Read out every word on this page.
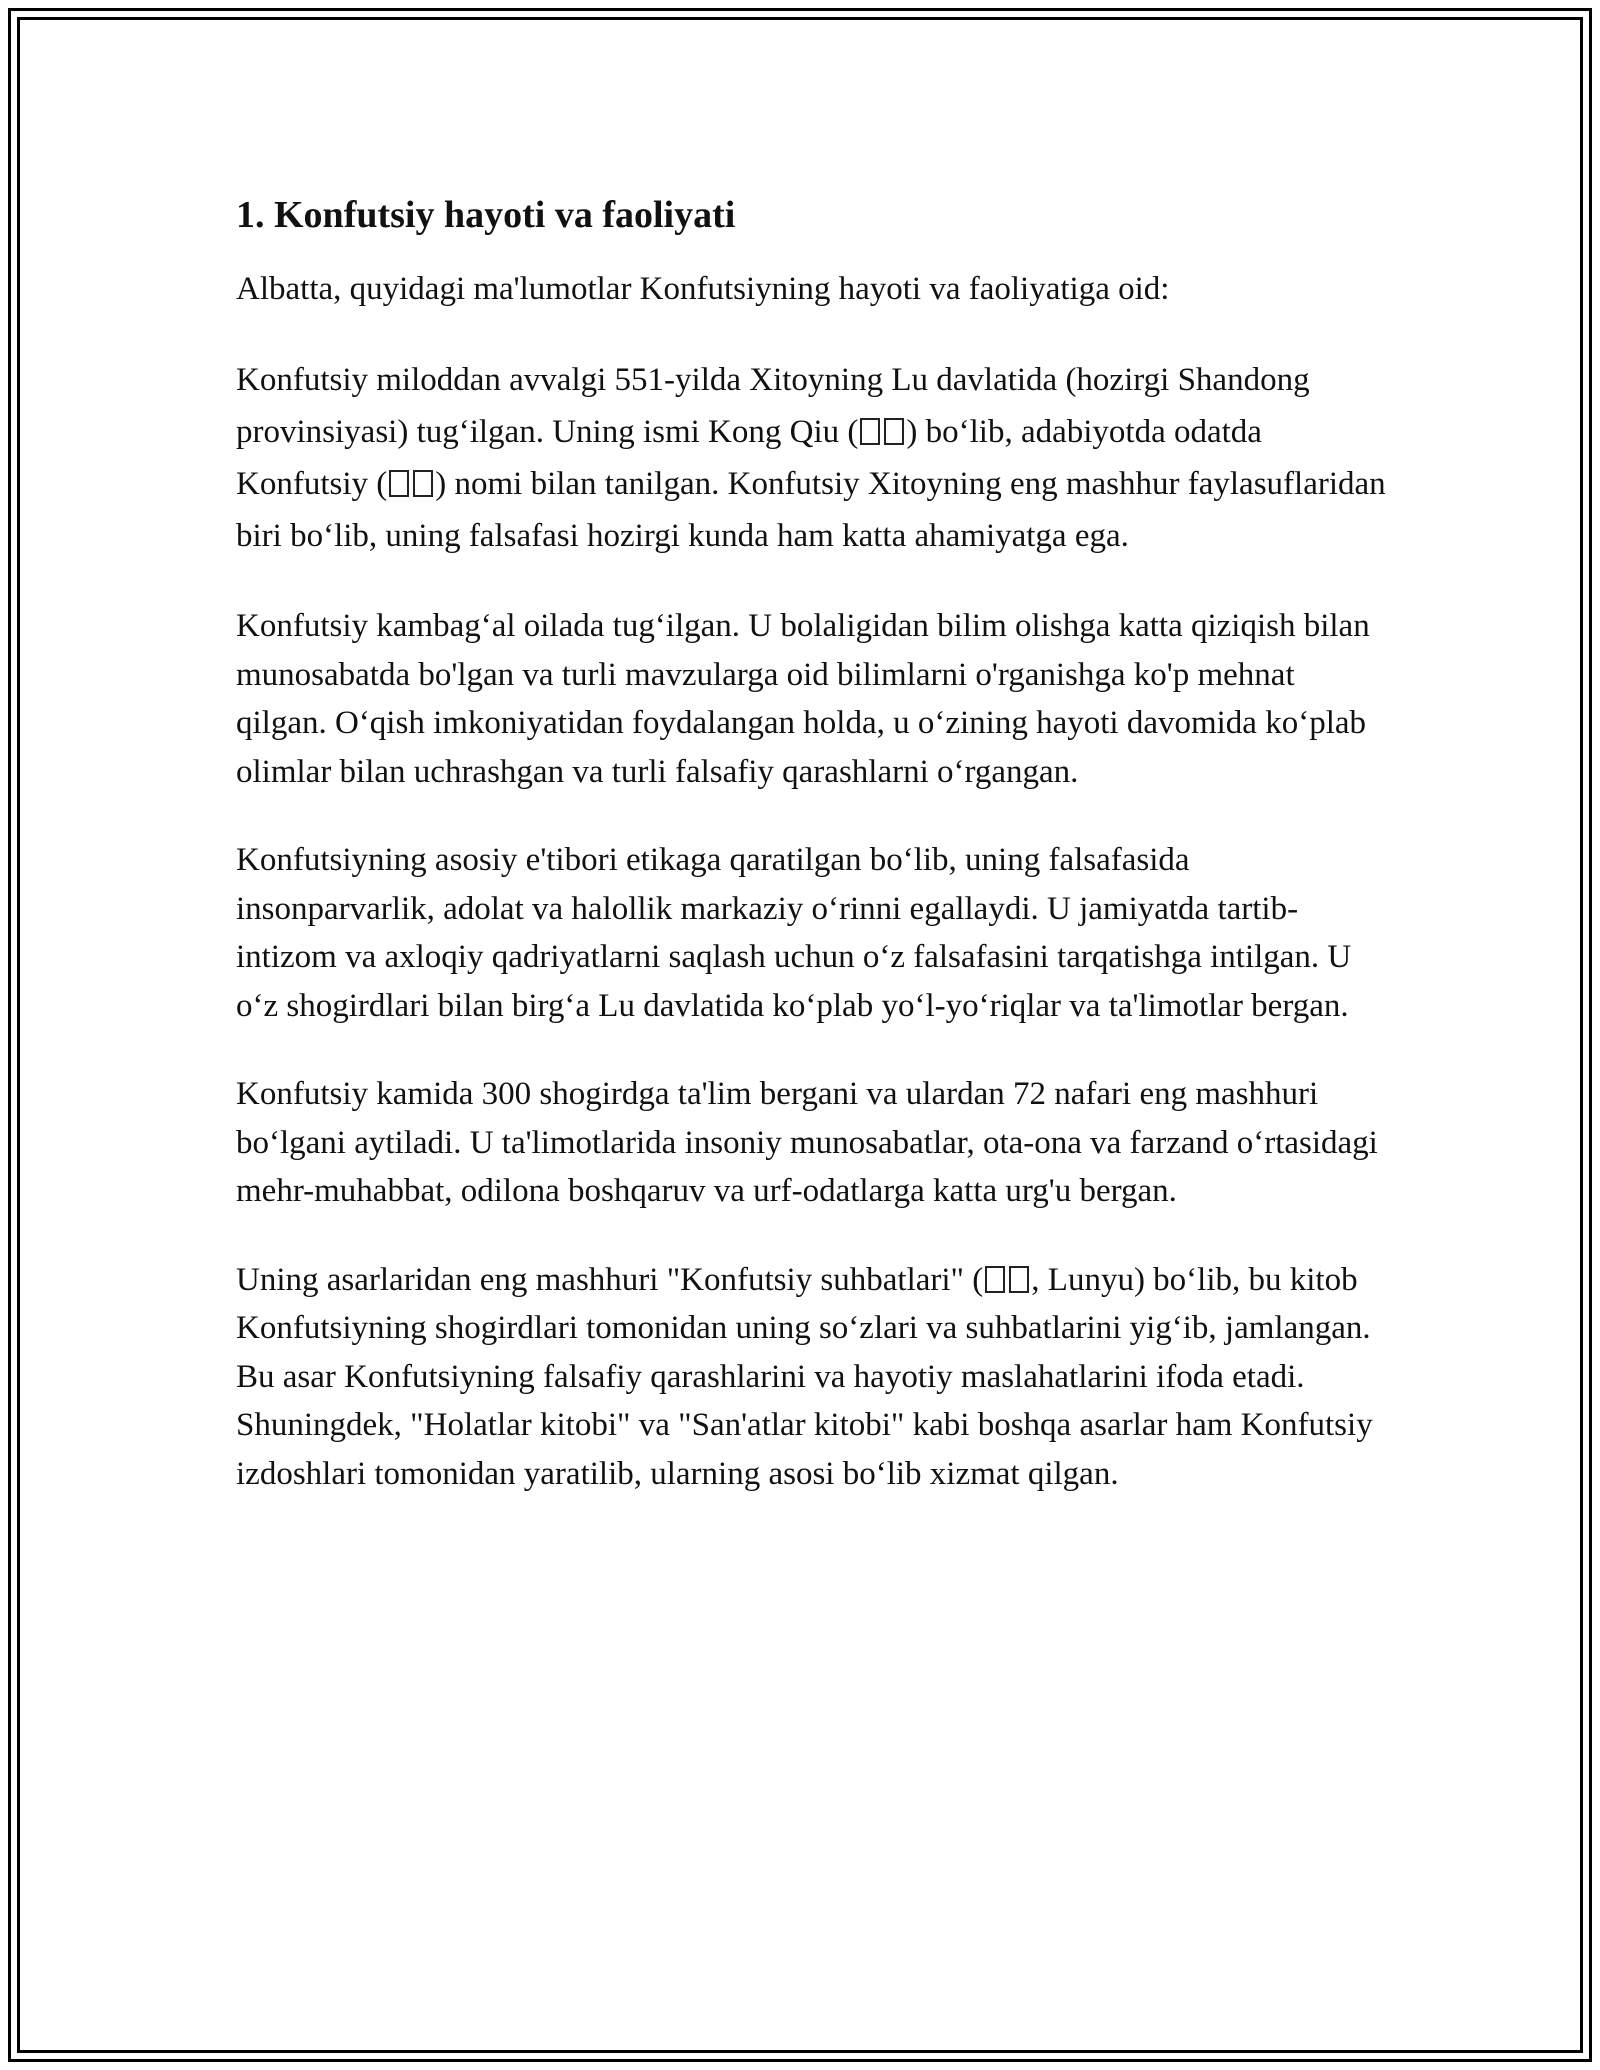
1. Konfutsiy hayoti va faoliyati

Albatta, quyidagi ma'lumotlar Konfutsiyning hayoti va faoliyatiga oid:

Konfutsiy miloddan avvalgi 551-yilda Xitoyning Lu davlatida (hozirgi Shandong provinsiyasi) tug‘ilgan. Uning ismi Kong Qiu ( ) bo‘lib, adabiyotda odatda Konfutsiy ( ) nomi bilan tanilgan. Konfutsiy Xitoyning eng mashhur faylasuflaridan biri bo‘lib, uning falsafasi hozirgi kunda ham katta ahamiyatga ega.

Konfutsiy kambag‘al oilada tug‘ilgan. U bolaligidan bilim olishga katta qiziqish bilan munosabatda bo'lgan va turli mavzularga oid bilimlarni o'rganishga ko'p mehnat qilgan. O‘qish imkoniyatidan foydalangan holda, u o‘zining hayoti davomida ko‘plab olimlar bilan uchrashgan va turli falsafiy qarashlarni o‘rgangan.

Konfutsiyning asosiy e'tibori etikaga qaratilgan bo‘lib, uning falsafasida insonparvarlik, adolat va halollik markaziy o‘rinni egallaydi. U jamiyatda tartib-intizom va axloqiy qadriyatlarni saqlash uchun o‘z falsafasini tarqatishga intilgan. U o‘z shogirdlari bilan birg‘a Lu davlatida ko‘plab yo‘l-yo‘riqlar va ta'limotlar bergan.

Konfutsiy kamida 300 shogirdga ta'lim bergani va ulardan 72 nafari eng mashhuri bo‘lgani aytiladi. U ta'limotlarida insoniy munosabatlar, ota-ona va farzand o‘rtasidagi mehr-muhabbat, odilona boshqaruv va urf-odatlarga katta urg'u bergan.

Uning asarlaridan eng mashhuri "Konfutsiy suhbatlari" ( , Lunyu) bo‘lib, bu kitob Konfutsiyning shogirdlari tomonidan uning so‘zlari va suhbatlarini yig‘ib, jamlangan. Bu asar Konfutsiyning falsafiy qarashlarini va hayotiy maslahatlarini ifoda etadi. Shuningdek, "Holatlar kitobi" va "San'atlar kitobi" kabi boshqa asarlar ham Konfutsiy izdoshlari tomonidan yaratilib, ularning asosi bo‘lib xizmat qilgan.
